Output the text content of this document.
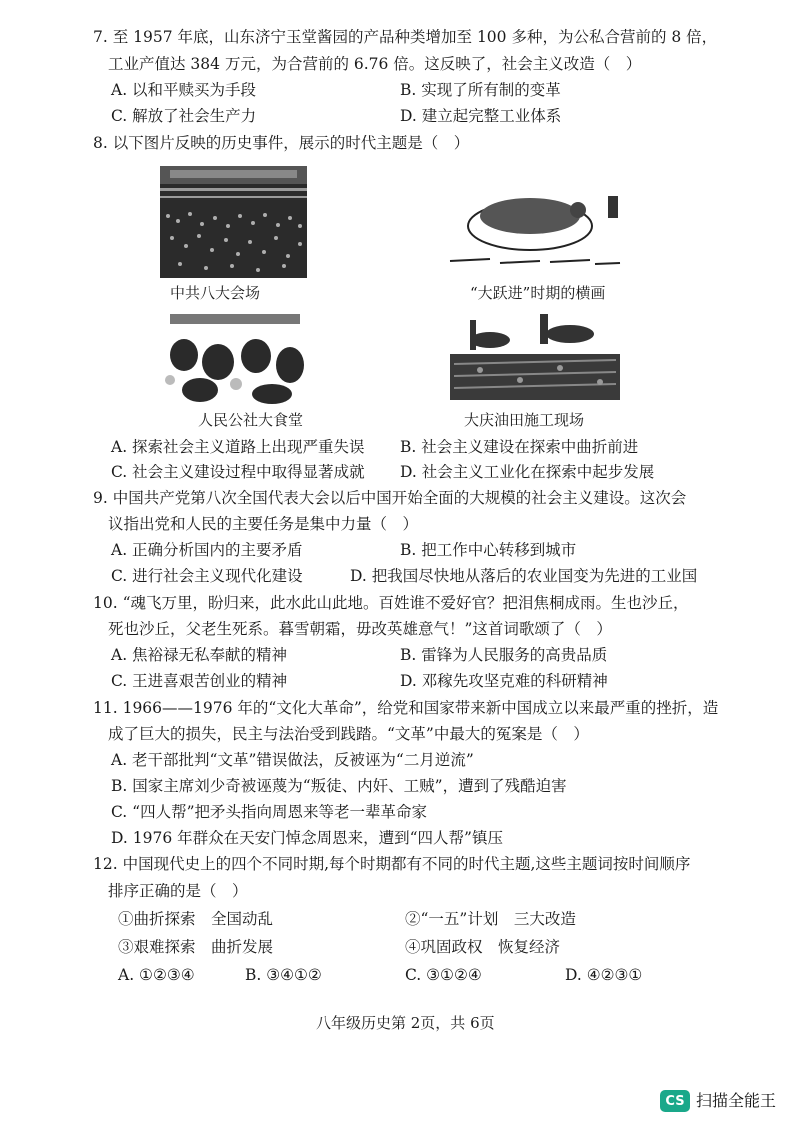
7. 至 1957 年底，山东济宁玉堂酱园的产品种类增加至 100 多种，为公私合营前的 8 倍，
工业产值达 384 万元，为合营前的 6.76 倍。这反映了，社会主义改造（　）
A. 以和平赎买为手段	B. 实现了所有制的变革
C. 解放了社会生产力	D. 建立起完整工业体系
8. 以下图片反映的历史事件，展示的时代主题是（　）
中共八大会场	“大跃进”时期的横画
人民公社大食堂	大庆油田施工现场
A. 探索社会主义道路上出现严重失误 B. 社会主义建设在探索中曲折前进
C. 社会主义建设过程中取得显著成就 D. 社会主义工业化在探索中起步发展
9. 中国共产党第八次全国代表大会以后中国开始全面的大规模的社会主义建设。这次会
议指出党和人民的主要任务是集中力量（　）
A. 正确分析国内的主要矛盾	B. 把工作中心转移到城市
C. 进行社会主义现代化建设	D. 把我国尽快地从落后的农业国变为先进的工业国
10. “魂飞万里，盼归来，此水此山此地。百姓谁不爱好官？把泪焦桐成雨。生也沙丘，
死也沙丘，父老生死系。暮雪朝霜，毋改英雄意气！”这首词歌颂了（　）
A. 焦裕禄无私奉献的精神	B. 雷锋为人民服务的高贵品质
C. 王进喜艰苦创业的精神	D. 邓稼先攻坚克难的科研精神
11. 1966——1976 年的“文化大革命”，给党和国家带来新中国成立以来最严重的挫折，造
成了巨大的损失，民主与法治受到践踏。“文革”中最大的冤案是（　）
A. 老干部批判“文革”错误做法，反被诬为“二月逆流”
B. 国家主席刘少奇被诬蔑为“叛徒、内奸、工贼”，遭到了残酷迫害
C. “四人帮”把矛头指向周恩来等老一辈革命家
D. 1976 年群众在天安门悼念周恩来，遭到“四人帮”镇压
12. 中国现代史上的四个不同时期,每个时期都有不同的时代主题,这些主题词按时间顺序
排序正确的是（　）
①曲折探索　全国动乱	②“一五”计划　三大改造
③艰难探索　曲折发展	④巩固政权　恢复经济
A. ①②③④	B. ③④①②	C. ③①②④	D. ④②③①
八年级历史第 2页，共 6页
CS 扫描全能王
